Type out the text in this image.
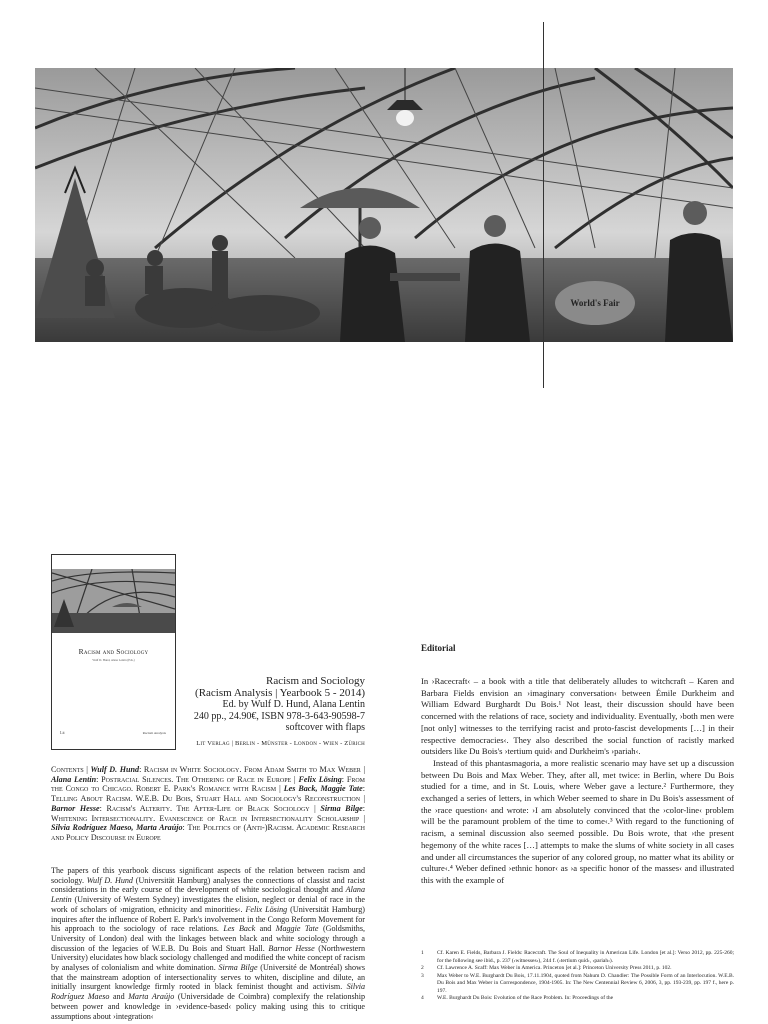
World's Fair
Racism and Sociology
Wulf D. Hund, Alana Lentin (Eds.)
Lit	Racism Analysis
Racism and Sociology
(Racism Analysis | Yearbook 5 - 2014)
Ed. by Wulf D. Hund, Alana Lentin
240 pp., 24.90€, ISBN 978-3-643-90598-7
softcover with flaps
Lit Verlag | Berlin - Münster - London - Wien - Zürich
Contents | Wulf D. Hund: Racism in White Sociology. From Adam Smith to Max Weber | Alana Lentin: Postracial Silences. The Othering of Race in Europe | Felix Lösing: From the Congo to Chicago. Robert E. Park's Romance with Racism | Les Back, Maggie Tate: Telling About Racism. W.E.B. Du Bois, Stuart Hall and Sociology's Reconstruction | Barnor Hesse: Racism's Alterity. The After-Life of Black Sociology | Sirma Bilge: Whitening Intersectionality. Evanescence of Race in Intersectionality Scholarship | Silvia Rodríguez Maeso, Marta Araújo: The Politics of (Anti-)Racism. Academic Research and Policy Discourse in Europe
The papers of this yearbook discuss significant aspects of the relation between racism and sociology. Wulf D. Hund (Universität Hamburg) analyses the connections of classist and racist considerations in the early course of the development of white sociological thought and Alana Lentin (University of Western Sydney) investigates the elision, neglect or denial of race in the work of scholars of ›migration, ethnicity and minorities‹. Felix Lösing (Universität Hamburg) inquires after the influence of Robert E. Park's involvement in the Congo Reform Movement for his approach to the sociology of race relations. Les Back and Maggie Tate (Goldsmiths, University of London) deal with the linkages between black and white sociology through a discussion of the legacies of W.E.B. Du Bois and Stuart Hall. Barnor Hesse (Northwestern University) elucidates how black sociology challenged and modified the white concept of racism by analyses of colonialism and white domination. Sirma Bilge (Université de Montréal) shows that the mainstream adoption of intersectionality serves to whiten, discipline and dilute, an initially insurgent knowledge firmly rooted in black feminist thought and activism. Silvia Rodríguez Maeso and Marta Araújo (Universidade de Coimbra) complexify the relationship between power and knowledge in ›evidence-based‹ policy making using this to critique assumptions about ›integration‹
Editorial

In ›Racecraft‹ – a book with a title that deliberately alludes to witchcraft – Karen and Barbara Fields envision an ›imaginary conversation‹ between Émile Durkheim and William Edward Burghardt Du Bois.¹ Not least, their discussion should have been concerned with the relations of race, society and individuality. Eventually, ›both men were [not only] witnesses to the terrifying racist and proto-fascist developments […] in their respective democracies‹. They also described the social function of racistly marked outsiders like Du Bois's ›tertium quid‹ and Durkheim's ›pariah‹.

Instead of this phantasmagoria, a more realistic scenario may have set up a discussion between Du Bois and Max Weber. They, after all, met twice: in Berlin, where Du Bois studied for a time, and in St. Louis, where Weber gave a lecture.² Furthermore, they exchanged a series of letters, in which Weber seemed to share in Du Bois's assessment of the ›race question‹ and wrote: ›I am absolutely convinced that the ›color-line‹ problem will be the paramount problem of the time to come‹.³ With regard to the functioning of racism, a seminal discussion also seemed possible. Du Bois wrote, that ›the present hegemony of the white races […] attempts to make the slums of white society in all cases and under all circumstances the superior of any colored group, no matter what its ability or culture‹.⁴ Weber defined ›ethnic honor‹ as ›a specific honor of the masses‹ and illustrated this with the example of

1 Cf. Karen E. Fields, Barbara J. Fields: Racecraft. The Soul of Inequality in American Life. London [et al.]: Verso 2012, pp. 225-260; for the following see ibid., p. 237 (›witnesses‹), 244 f. (›tertium quid‹, ›pariah‹).
2 Cf. Lawrence A. Scaff: Max Weber in America. Princeton [et al.]: Princeton University Press 2011, p. 102.
3 Max Weber to W.E. Burghardt Du Bois, 17.11.1904, quoted from Nahum D. Chandler: The Possible Form of an Interlocution. W.E.B. Du Bois and Max Weber in Correspondence, 1904-1905. In: The New Centennial Review 6, 2006, 3, pp. 193-239, pp. 197 f., here p. 197.
4 W.E. Burghardt Du Bois: Evolution of the Race Problem. In: Proceedings of the
